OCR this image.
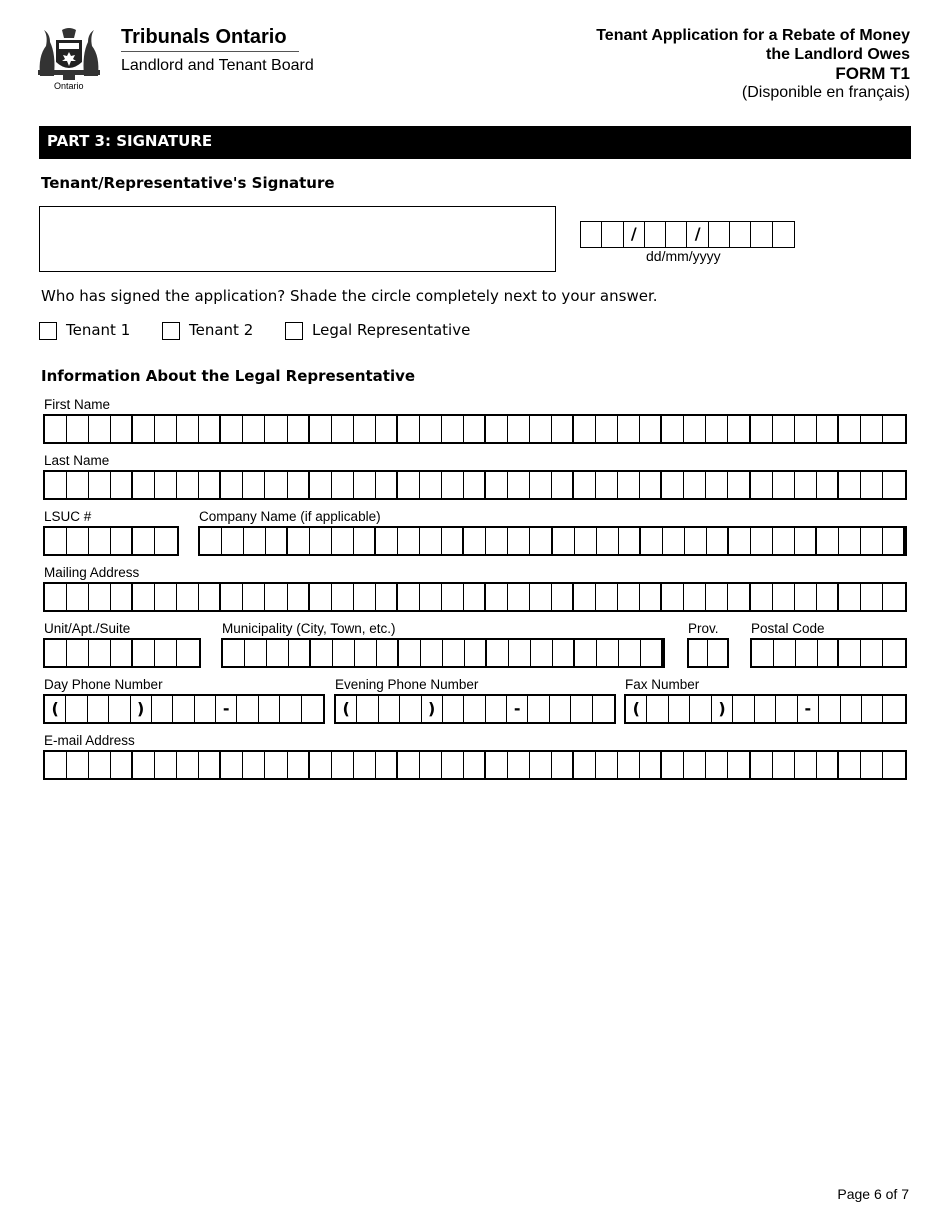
Ontario
Tribunals Ontario
Landlord and Tenant Board
Tenant Application for a Rebate of Money
the Landlord Owes
FORM T1
(Disponible en français)
PART 3: SIGNATURE
Tenant/Representative's Signature
/	/
dd/mm/yyyy
Who has signed the application? Shade the circle completely next to your answer.
Tenant 1	Tenant 2	Legal Representative
Information About the Legal Representative
First Name
Last Name
LSUC #	Company Name (if applicable)
Mailing Address
Unit/Apt./Suite	Municipality (City, Town, etc.)	Prov. Postal Code
Day Phone Number
(	)	-
Evening Phone Number
(	)	-
Fax Number
(	)	-
E-mail Address
Page 6 of 7
